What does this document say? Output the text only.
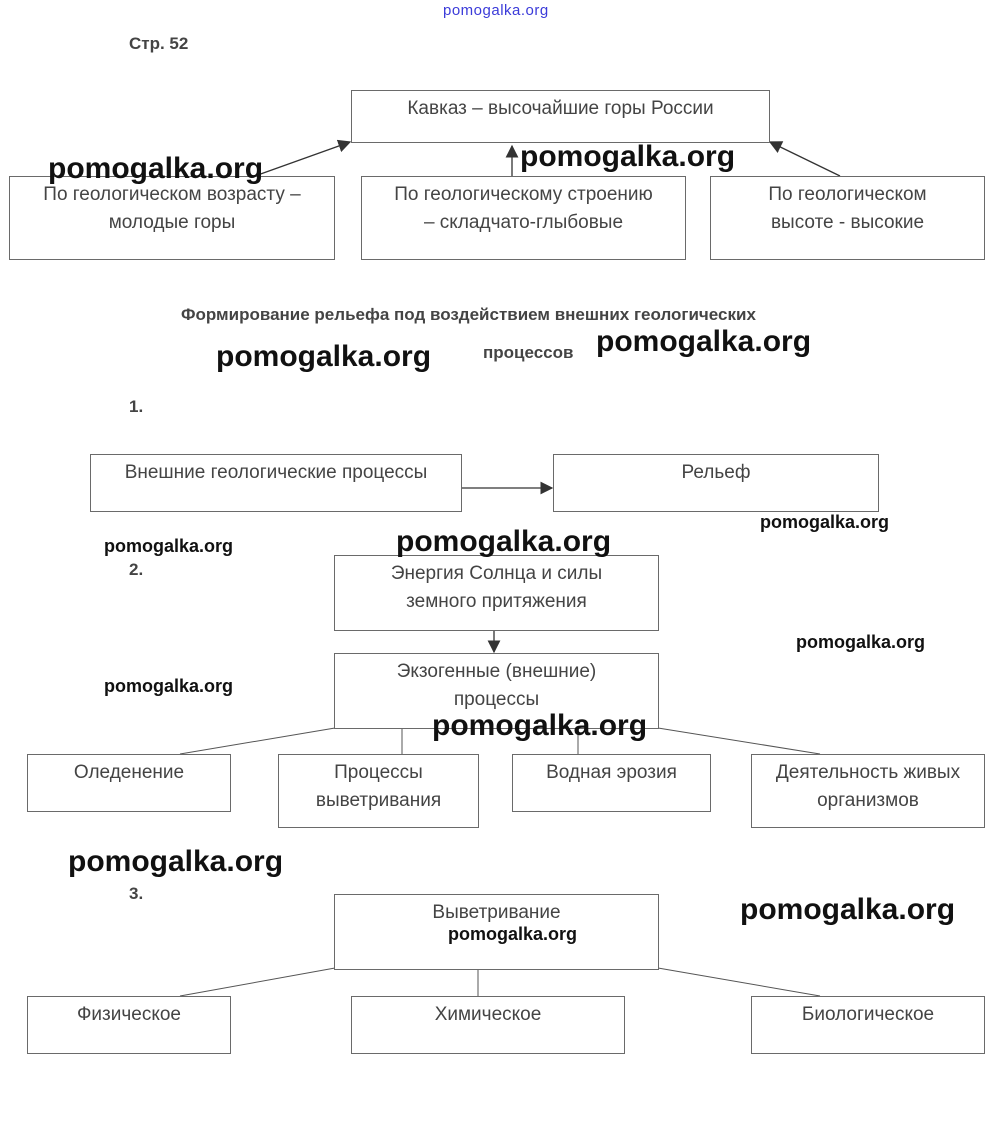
pomogalka.org
Стр. 52
Кавказ – высочайшие горы России
По геологическом возрасту –
молодые горы
По геологическому строению
– складчато-глыбовые
По геологическом
высоте - высокие
Формирование рельефа под воздействием внешних геологических
процессов
1.
Внешние геологические процессы	Рельеф
2.	Энергия Солнца и силы
земного притяжения
Экзогенные (внешние)
процессы
Оледенение	Процессы
выветривания
Водная эрозия	Деятельность живых
организмов
3.
Выветривание
Физическое	Химическое	Биологическое
pomogalka.org	pomogalka.org
pomogalka.org	pomogalka.org
pomogalka.org
pomogalka.org	pomogalka.org
pomogalka.org
pomogalka.org
pomogalka.org
pomogalka.org
pomogalka.org
pomogalka.org
